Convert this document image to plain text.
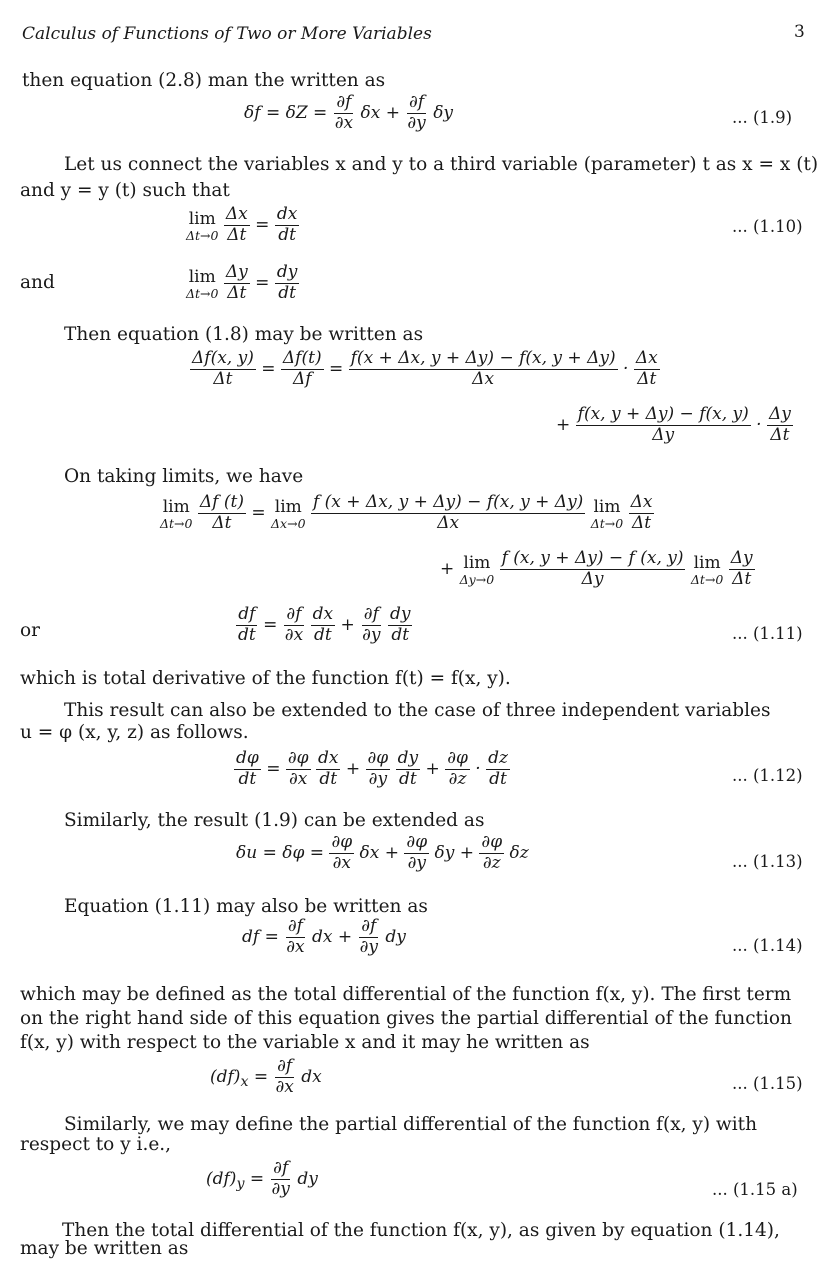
Calculus of Functions of Two or More Variables	3
then equation (2.8) man the written as
$\delta f = \delta Z = \frac{\partial f}{\partial x}$ $\delta x + \frac{\partial f}{\partial y}$ δy	... (1.9)
Let us connect the variables x and y to a third variable (parameter) t as x = x (t)
and y = y (t) such that
lim
Δt→0
$\frac{\Delta x}{\Delta t} = \frac{dx}{dt}$	... (1.10)
and	lim
Δt→0
$\frac{\Delta y}{\Delta t} = \frac{dy}{dt}$
Then equation (1.8) may be written as
$\frac{\Delta f(x, y)}{\Delta t} = \frac{\Delta f(t)}{\Delta f} = \frac{f(x + \Delta x, y + \Delta y) - f(x, y + \Delta y)}{\Delta x} \cdot \frac{\Delta x}{\Delta t}$
+ $\frac{f(x, y + \Delta y) - f(x, y)}{\Delta y} \cdot \frac{\Delta y}{\Delta t}$
On taking limits, we have
lim
Δt→0
$\frac{\Delta f (t)}{\Delta t} = \lim$
Δx→0
$\frac{f (x + \Delta x, y + \Delta y) - f(x, y + \Delta y)}{\Delta x}$
lim
Δt→0
$\frac{\Delta x}{\Delta t}$
+ lim
Δy→0
$\frac{f (x, y + \Delta y) - f (x, y)}{\Delta y}$
lim
Δt→0
$\frac{\Delta y}{\Delta t}$
or	$\frac{df}{dt} = \frac{\partial f}{\partial x}$
$\frac{dx}{dt} + \frac{\partial f}{\partial y}$
$\frac{dy}{dt}$	... (1.11)
which is total derivative of the function f(t) = f(x, y).
This result can also be extended to the case of three independent variables
u = φ (x, y, z) as follows.
$\frac{d\varphi}{dt} = \frac{\partial\varphi}{\partial x}$
$\frac{dx}{dt} + \frac{\partial\varphi}{\partial y}$
$\frac{dy}{dt} + \frac{\partial\varphi}{\partial z} \cdot \frac{dz}{dt}$	... (1.12)
Similarly, the result (1.9) can be extended as
$\delta u = \delta\varphi = \frac{\partial\varphi}{\partial x}$ $\delta x + \frac{\partial\varphi}{\partial y}$ $\delta y + \frac{\partial\varphi}{\partial z}$ δz	... (1.13)
Equation (1.11) may also be written as
df = $\frac{\partial f}{\partial x}$ dx + $\frac{\partial f}{\partial y}$ dy	... (1.14)
which may be defined as the total differential of the function f(x, y). The first term
on the right hand side of this equation gives the partial differential of the function
f(x, y) with respect to the variable x and it may he written as
$(df)_x = \frac{\partial f}{\partial x}$ dx	... (1.15)
Similarly, we may define the partial differential of the function f(x, y) with
respect to y i.e.,
$(df)_y = \frac{\partial f}{\partial y}$ dy
... (1.15 a)
Then the total differential of the function f(x, y), as given by equation (1.14),
may be written as
